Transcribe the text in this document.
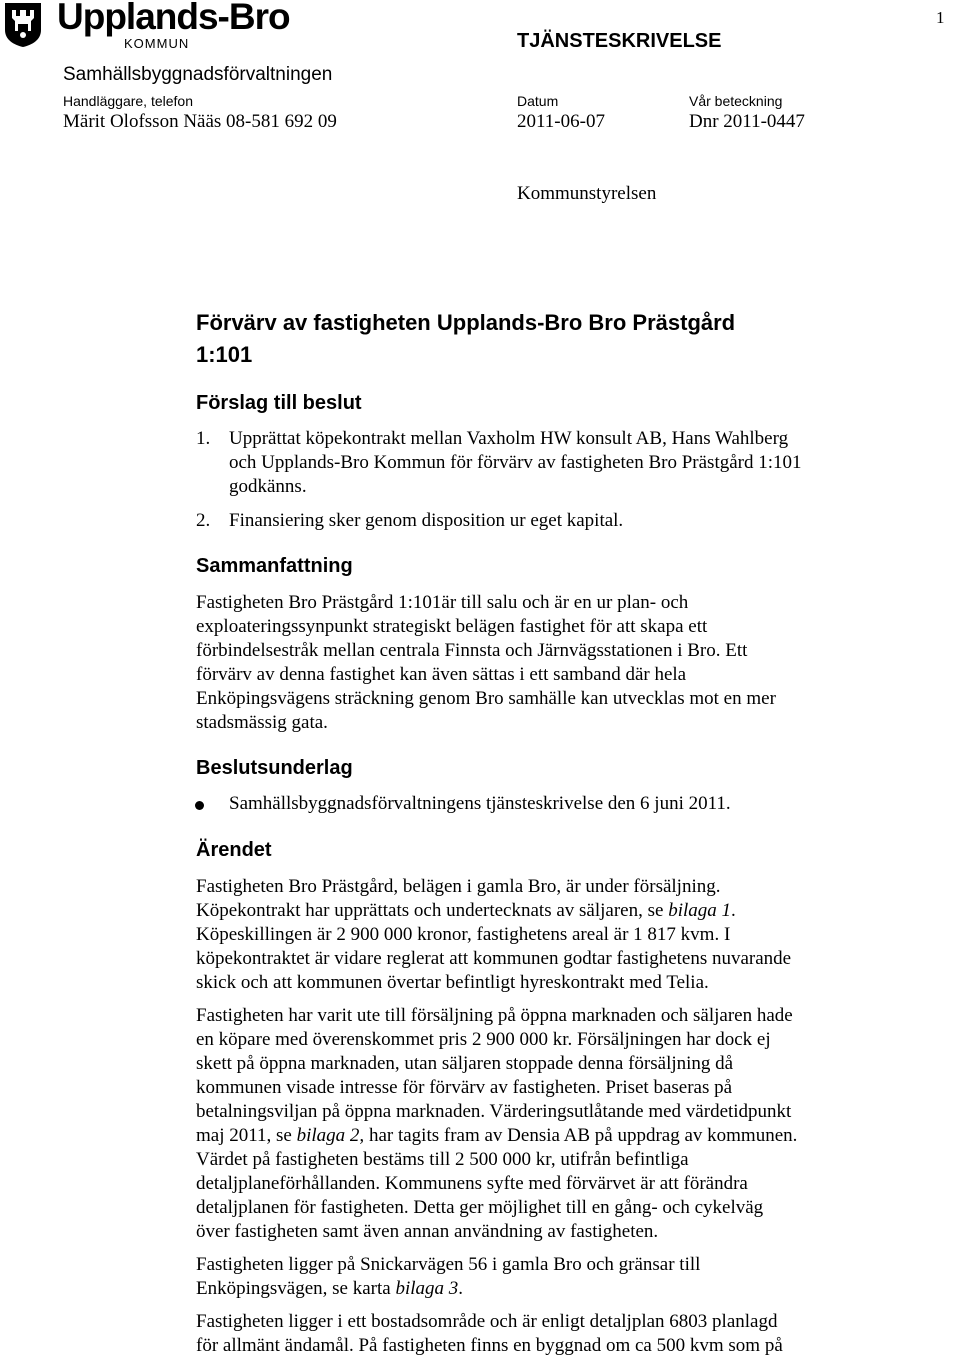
Upplands-Bro
KOMMUN
1
TJÄNSTESKRIVELSE
Samhällsbyggnadsförvaltningen
Handläggare, telefon
Märit Olofsson Nääs 08-581 692 09
Datum
2011-06-07
Vår beteckning
Dnr 2011-0447
Kommunstyrelsen
Förvärv av fastigheten Upplands-Bro Bro Prästgård
1:101
Förslag till beslut
1. Upprättat köpekontrakt mellan Vaxholm HW konsult AB, Hans Wahlberg
och Upplands-Bro Kommun för förvärv av fastigheten Bro Prästgård 1:101
godkänns.
2. Finansiering sker genom disposition ur eget kapital.
Sammanfattning
Fastigheten Bro Prästgård 1:101är till salu och är en ur plan- och
exploateringssynpunkt strategiskt belägen fastighet för att skapa ett
förbindelsestråk mellan centrala Finnsta och Järnvägsstationen i Bro. Ett
förvärv av denna fastighet kan även sättas i ett samband där hela
Enköpingsvägens sträckning genom Bro samhälle kan utvecklas mot en mer
stadsmässig gata.
Beslutsunderlag
Samhällsbyggnadsförvaltningens tjänsteskrivelse den 6 juni 2011.
Ärendet
Fastigheten Bro Prästgård, belägen i gamla Bro, är under försäljning.
Köpekontrakt har upprättats och undertecknats av säljaren, se bilaga 1.
Köpeskillingen är 2 900 000 kronor, fastighetens areal är 1 817 kvm. I
köpekontraktet är vidare reglerat att kommunen godtar fastighetens nuvarande
skick och att kommunen övertar befintligt hyreskontrakt med Telia.
Fastigheten har varit ute till försäljning på öppna marknaden och säljaren hade
en köpare med överenskommet pris 2 900 000 kr. Försäljningen har dock ej
skett på öppna marknaden, utan säljaren stoppade denna försäljning då
kommunen visade intresse för förvärv av fastigheten. Priset baseras på
betalningsviljan på öppna marknaden. Värderingsutlåtande med värdetidpunkt
maj 2011, se bilaga 2, har tagits fram av Densia AB på uppdrag av kommunen.
Värdet på fastigheten bestäms till 2 500 000 kr, utifrån befintliga
detaljplaneförhållanden. Kommunens syfte med förvärvet är att förändra
detaljplanen för fastigheten. Detta ger möjlighet till en gång- och cykelväg
över fastigheten samt även annan användning av fastigheten.
Fastigheten ligger på Snickarvägen 56 i gamla Bro och gränsar till
Enköpingsvägen, se karta bilaga 3.
Fastigheten ligger i ett bostadsområde och är enligt detaljplan 6803 planlagd
för allmänt ändamål. På fastigheten finns en byggnad om ca 500 kvm som på
